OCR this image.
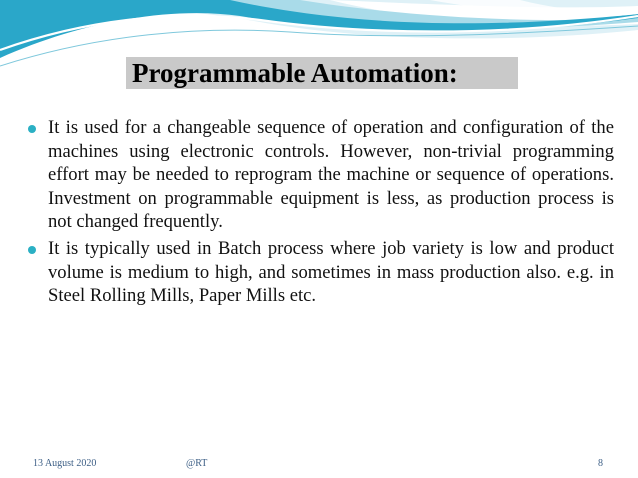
Programmable Automation:
It is used for a changeable sequence of operation and configuration of the machines using electronic controls. However, non-trivial programming effort may be needed to reprogram the machine or sequence of operations. Investment on programmable equipment is less, as production process is not changed frequently.
It is typically used in Batch process where job variety is low and product volume is medium to high, and sometimes in mass production also. e.g. in Steel Rolling Mills, Paper Mills etc.
13 August 2020	@RT	8
